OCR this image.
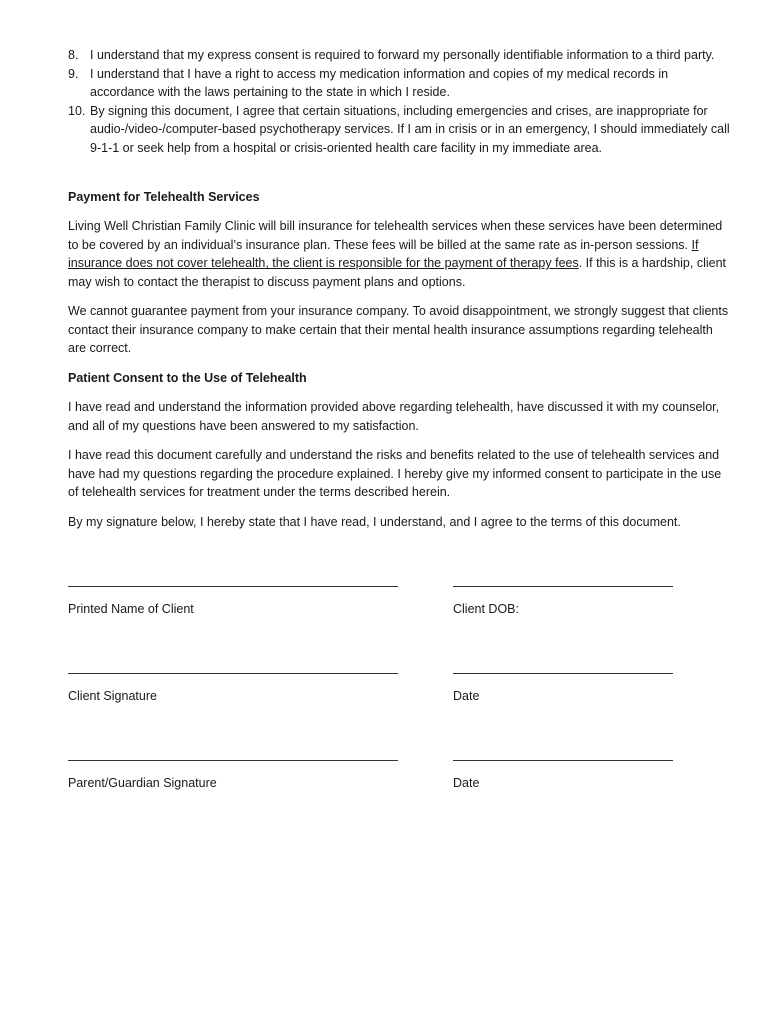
8. I understand that my express consent is required to forward my personally identifiable information to a third party.
9. I understand that I have a right to access my medication information and copies of my medical records in accordance with the laws pertaining to the state in which I reside.
10. By signing this document, I agree that certain situations, including emergencies and crises, are inappropriate for audio-/video-/computer-based psychotherapy services. If I am in crisis or in an emergency, I should immediately call 9-1-1 or seek help from a hospital or crisis-oriented health care facility in my immediate area.
Payment for Telehealth Services
Living Well Christian Family Clinic will bill insurance for telehealth services when these services have been determined to be covered by an individual’s insurance plan. These fees will be billed at the same rate as in-person sessions. If insurance does not cover telehealth, the client is responsible for the payment of therapy fees. If this is a hardship, client may wish to contact the therapist to discuss payment plans and options.
We cannot guarantee payment from your insurance company. To avoid disappointment, we strongly suggest that clients contact their insurance company to make certain that their mental health insurance assumptions regarding telehealth are correct.
Patient Consent to the Use of Telehealth
I have read and understand the information provided above regarding telehealth, have discussed it with my counselor, and all of my questions have been answered to my satisfaction.
I have read this document carefully and understand the risks and benefits related to the use of telehealth services and have had my questions regarding the procedure explained. I hereby give my informed consent to participate in the use of telehealth services for treatment under the terms described herein.
By my signature below, I hereby state that I have read, I understand, and I agree to the terms of this document.
Printed Name of Client	Client DOB:
Client Signature	Date
Parent/Guardian Signature	Date
